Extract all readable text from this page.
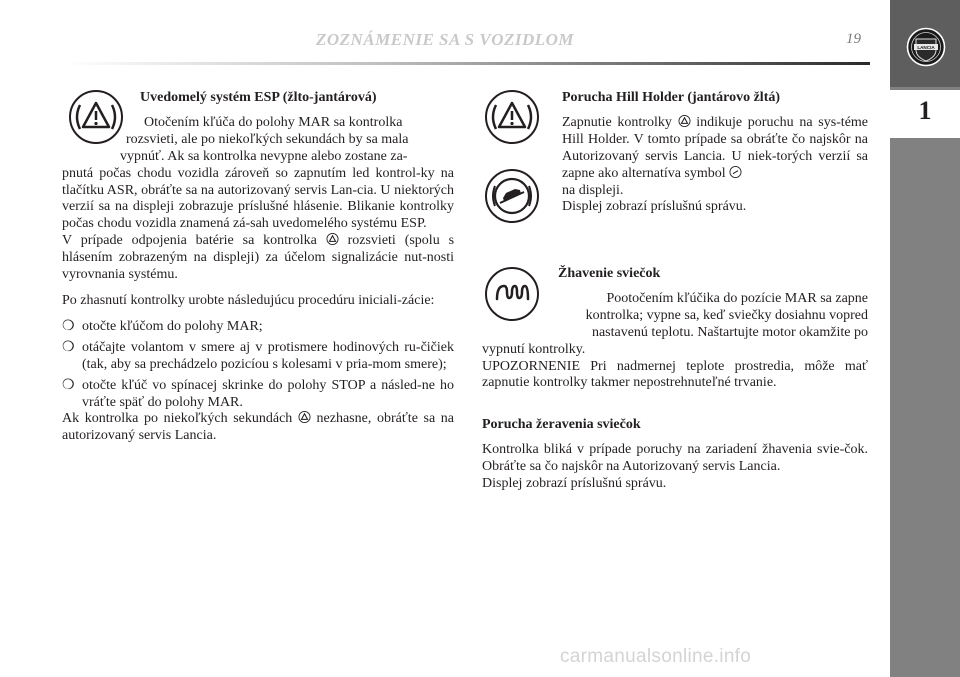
ZOZNÁMENIE SA S VOZIDLOM	19
1
LANCIA
Uvedomelý systém ESP (žlto-jantárová)

Otočením kľúča do polohy MAR sa kontrolka

rozsvieti, ale po niekoľkých sekundách by sa mala

vypnúť. Ak sa kontrolka nevypne alebo zostane za-

pnutá počas chodu vozidla zároveň so zapnutím led kontrol-ky na tlačítku ASR, obráťte sa na autorizovaný servis Lan-cia. U niektorých verzií sa na displeji zobrazuje príslušné hlásenie. Blikanie kontrolky počas chodu vozidla znamená zá-sah uvedomelého systému ESP.

V prípade odpojenia batérie sa kontrolka rozsvieti (spolu s hlásením zobrazeným na displeji) za účelom signalizácie nut-nosti vyrovnania systému.

Po zhasnutí kontrolky urobte následujúcu procedúru iniciali-zácie:

❍ otočte kľúčom do polohy MAR;
❍ otáčajte volantom v smere aj v protismere hodinových ru-čičiek (tak, aby sa prechádzelo pozicíou s kolesami v pria-mom smere);
❍ otočte kľúč vo spínacej skrinke do polohy STOP a násled-ne ho vráťte späť do polohy MAR.

Ak kontrolka po niekoľkých sekundách nezhasne, obráťte sa na autorizovaný servis Lancia.

Porucha Hill Holder (jantárovo žltá)

Zapnutie kontrolky indikuje poruchu na sys-téme Hill Holder. V tomto prípade sa obráťte čo najskôr na Autorizovaný servis Lancia. U niek-torých verzií sa zapne ako alternatíva symbol

na displeji.

Displej zobrazí príslušnú správu.

Žhavenie sviečok

Pootočením kľúčika do pozície MAR sa zapne

kontrolka; vypne sa, keď sviečky dosiahnu vopred

nastavenú teplotu. Naštartujte motor okamžite po

vypnutí kontrolky.

UPOZORNENIE Pri nadmernej teplote prostredia, môže mať zapnutie kontrolky takmer nepostrehnuteľné trvanie.

Porucha žeravenia sviečok

Kontrolka bliká v prípade poruchy na zariadení žhavenia svie-čok. Obráťte sa čo najskôr na Autorizovaný servis Lancia.

Displej zobrazí príslušnú správu.

carmanualsonline.info
